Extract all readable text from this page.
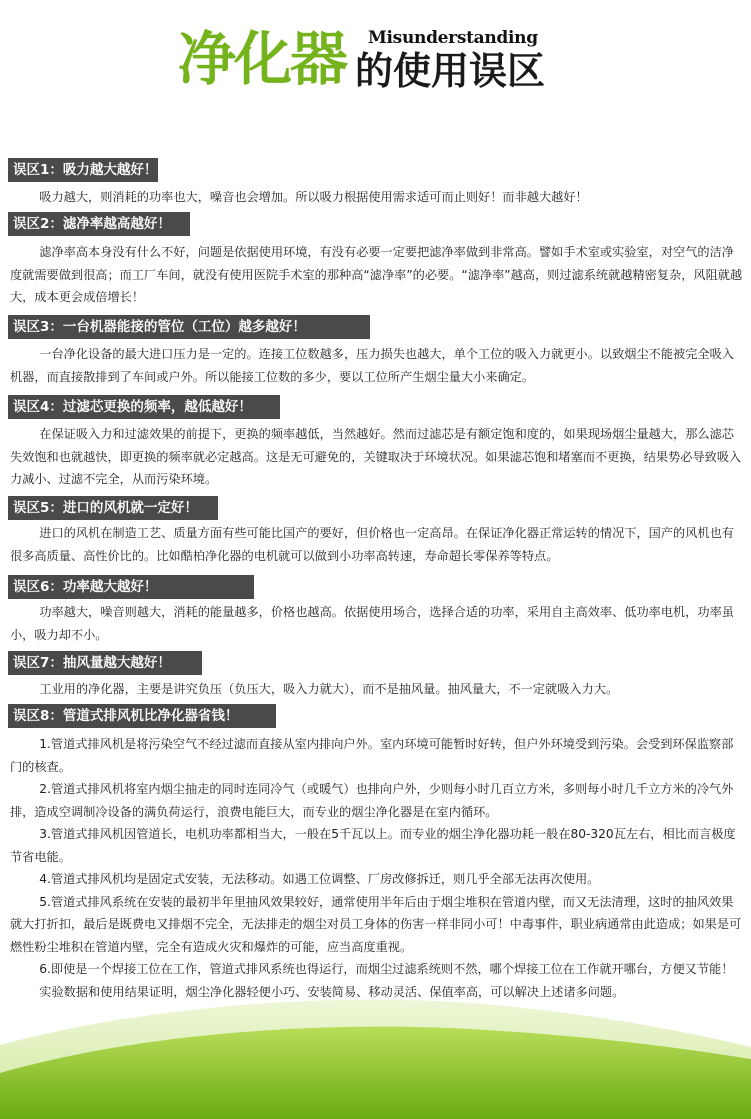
净化器 Misunderstanding
的使用误区
误区1：吸力越大越好！

吸力越大，则消耗的功率也大，噪音也会增加。所以吸力根据使用需求适可而止则好！而非越大越好！

误区2：滤净率越高越好！

滤净率高本身没有什么不好，问题是依据使用环境，有没有必要一定要把滤净率做到非常高。譬如手术室或实验室，对空气的洁净度就需要做到很高；而工厂车间，就没有使用医院手术室的那种高“滤净率”的必要。“滤净率”越高，则过滤系统就越精密复杂，风阻就越大，成本更会成倍增长！

误区3：一台机器能接的管位（工位）越多越好！

一台净化设备的最大进口压力是一定的。连接工位数越多，压力损失也越大，单个工位的吸入力就更小。以致烟尘不能被完全吸入机器，而直接散排到了车间或户外。所以能接工位数的多少，要以工位所产生烟尘量大小来确定。

误区4：过滤芯更换的频率，越低越好！

在保证吸入力和过滤效果的前提下，更换的频率越低，当然越好。然而过滤芯是有额定饱和度的，如果现场烟尘量越大，那么滤芯失效饱和也就越快，即更换的频率就必定越高。这是无可避免的，关键取决于环境状况。如果滤芯饱和堵塞而不更换，结果势必导致吸入力减小、过滤不完全，从而污染环境。

误区5：进口的风机就一定好！

进口的风机在制造工艺、质量方面有些可能比国产的要好，但价格也一定高昂。在保证净化器正常运转的情况下，国产的风机也有很多高质量、高性价比的。比如酷柏净化器的电机就可以做到小功率高转速，寿命超长零保养等特点。

误区6：功率越大越好！

功率越大，噪音则越大，消耗的能量越多，价格也越高。依据使用场合，选择合适的功率，采用自主高效率、低功率电机，功率虽小，吸力却不小。

误区7：抽风量越大越好！

工业用的净化器，主要是讲究负压（负压大，吸入力就大），而不是抽风量。抽风量大，不一定就吸入力大。

误区8：管道式排风机比净化器省钱！

1.管道式排风机是将污染空气不经过滤而直接从室内排向户外。室内环境可能暂时好转，但户外环境受到污染。会受到环保监察部门的核查。

2.管道式排风机将室内烟尘抽走的同时连同冷气（或暖气）也排向户外，少则每小时几百立方米，多则每小时几千立方米的冷气外排，造成空调制冷设备的满负荷运行，浪费电能巨大，而专业的烟尘净化器是在室内循环。

3.管道式排风机因管道长，电机功率都相当大，一般在5千瓦以上。而专业的烟尘净化器功耗一般在80-320瓦左右，相比而言极度节省电能。

4.管道式排风机均是固定式安装，无法移动。如遇工位调整、厂房改修拆迁，则几乎全部无法再次使用。

5.管道式排风系统在安装的最初半年里抽风效果较好，通常使用半年后由于烟尘堆积在管道内壁，而又无法清理，这时的抽风效果就大打折扣，最后是既费电又排烟不完全，无法排走的烟尘对员工身体的伤害一样非同小可！中毒事件，职业病通常由此造成；如果是可燃性粉尘堆积在管道内壁，完全有造成火灾和爆炸的可能，应当高度重视。

6.即使是一个焊接工位在工作，管道式排风系统也得运行，而烟尘过滤系统则不然，哪个焊接工位在工作就开哪台，方便又节能！

实验数据和使用结果证明，烟尘净化器轻便小巧、安装简易、移动灵活、保值率高，可以解决上述诸多问题。
